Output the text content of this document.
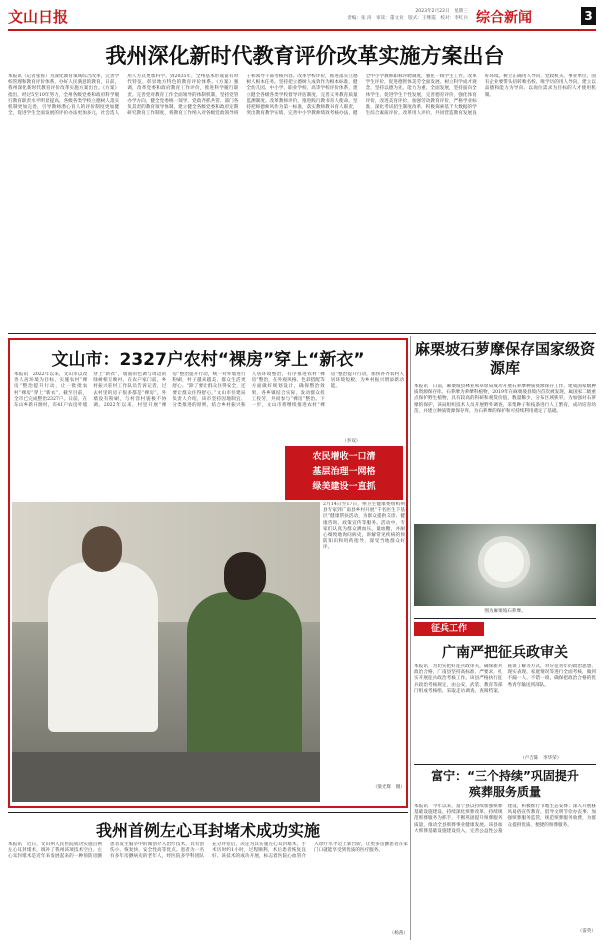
文山日报	2023年2月22日　星期三
责编：张 涛　审读：董文业　版式：王继霞　校对：李红兵 综合新闻	3
我州深化新时代教育评价改革实施方案出台
本报讯（记者张蓉）为深化教育领域综合改革，完善学校管理和教育评价体系，办好人民满意的教育，日前，我州深化新时代教育评价改革实施方案出台。《方案》指出，经过5至10年努力，全州各级党委和政府科学履行教育职责水平明显提高，各级各类学校立德树人落实机制更加完善，引导教师潜心育人的评价制度更加健全，促进学生全面发展的评价办法更加多元，社会选人用人方式更加科学。到2035年，全州基本形成富有时代特征、彰显地方特色的教育评价体系。《方案》强调，改革党委和政府教育工作评价，推进科学履行职责。完善党对教育工作全面领导的体制机制，坚持党管办学方向，健全党委统一领导、党政齐抓共管、部门各负其责的教育领导体制，建立健全各级党委和政府定期研究教育工作制度，将教育工作纳入对各级党政领导班子和领导干部考核内容。改革学校评价，推进落实立德树人根本任务。坚持把立德树人成效作为根本标准，健全幼儿园、中小学、职业学校、高等学校评价体系，建立健全各级各类学校督导评估制度，完善义务教育质量监测制度。改革教师评价，推进践行教书育人使命。坚持把师德师风作为第一标准，落实教师教书育人职责，突出教育教学实绩，完善中小学教师绩效考核办法，健全中小学教师职称评聘制度，强化一线学生工作。改革学生评价，促进德智体美劳全面发展。树立科学成才观念，坚持以德为先、能力为重、全面发展，坚持面向全体学生、促进学生个性发展，完善德育评价，强化体育评价，改进美育评价，加强劳动教育评价，严格学业标准，深化考试招生制度改革，积极探索基于大数据的学生综合素质评价。改革用人评价，共同营造教育发展良好环境。树立正确用人导向，党政机关、事业单位、国有企业要带头扭转唯名校、唯学历的用人导向，建立以品德和能力为导向、以岗位需求为目标的人才使用机制。
文山市：2327户农村“裸房”穿上“新衣”
本报讯　2022年以来，文山市以改善人居环境为目标，实施农村“裸房”整治提升行动，让一批批农村“裸房”穿上“新衣”，截至目前，全市已完成整治2327户。日前，在东山乡新开源村，有41户农房外墙穿上“新衣”，墙面的色调与周边的绿树相互映衬。在农户家门前，乡村振兴驻村工作队员告诉记者，过去村里的房子很多都是“裸房”，外墙没有粉刷，与村容村貌极不协调。2022年以来，村里开展“裸房”整治提升行动，统一对外墙进行粉刷，村子越来越美，群众生活更舒心。“除了要让群众住得安全，还要让群众住得舒心。”文山市住建局负责人介绍，该市坚持因地制宜、分类推进的原则，结合乡村振兴和人居环境整治，有序推进农村“裸房”整治，在外观风格、色彩搭配等方面做好规划设计，确保整治效果，各乡镇结合实际，发动群众投工投劳，共同参与“裸房”整治。下一步，文山市将继续推进农村“裸房”整治提升行动，加快补齐农村人居环境短板，为乡村振兴增添新动能。
（李双）
农民增收一口清
基层治理一网格
绿美建设一直抓
2月14日至17日，州卫生健康委组织州县专家到广南县乡村开展“千名医生下基层”健康帮扶活动，为群众提供义诊、健康咨询、政策宣传等服务。活动中，专家们认真为群众测血压、量血糖，并耐心细致地询问病史，讲解常见疾病的预防知识和用药指导，深受当地群众好评。
（梁光辉　摄）
麻栗坡石萝摩保存国家级资源库
本报讯　日前，麻栗坡县林业和草原局成功开展石萝摩种质资源保存工作，建成国家级种质资源保存库。石萝摩为萝藦科植物，2019年在麻栗坡县境内首次被发现，属国家二级重点保护野生植物，具有较高的科研和观赏价值，数量稀少，分布区域狭窄。为加强对石萝摩的保护，该局组织技术人员开展野外调查，采集种子和枝条进行人工繁育，成功培育幼苗，并建立种质资源保存库，为石萝摩的保护和可持续利用奠定了基础。
图为麻栗坡石萝摩。
征兵工作
广南严把征兵政审关
本报讯　为切实把好征兵政审关，确保新兵政治合格，广南县坚持高标准、严要求，扎实开展征兵政治考核工作。该县严格执行征兵政治考核规定，由公安、武装、教育等部门组成考核组，采取走访调查、查阅档案、座谈了解等方式，对应征青年的政治思想、现实表现、家庭情况等进行全面考核，做到不漏一人、不错一项，确保把政治合格的优秀青年输送到部队。
（卢吉陈　李华荣）
富宁：“三个持续”巩固提升
殡葬服务质量
本报讯　今年以来，富宁县以持续加强殡葬基础设施建设、持续深化殡葬改革、持续规范殡葬服务为抓手，不断巩固提升殡葬服务质量，推动全县殡葬事业健康发展。该县加大殡葬基础设施建设投入，完善公益性公墓建设，积极推行节地生态安葬；深入开展移风易俗宣传教育，倡导文明节俭办丧事；加强殡葬服务监管，规范殡葬服务收费，为群众提供优质、便捷的殡葬服务。
（雷英）
我州首例左心耳封堵术成功实施
本报讯　近日，文山州人民医院成功实施首例左心耳封堵术，填补了我州该项技术空白。左心耳封堵术是近年来发展起来的一种预防房颤患者发生脑卒中的微创介入治疗技术，具有创伤小、恢复快、安全性高等优点。患者为一名有多年房颤病史的老年人，经医院多学科团队充分评估后，决定为其实施左心耳封堵术，手术历时约1小时，过程顺利，术后患者恢复良好。该技术的成功开展，标志着医院心血管介入诊疗水平迈上新台阶，让更多房颤患者在家门口就能享受到优质的医疗服务。
（杨茜）
